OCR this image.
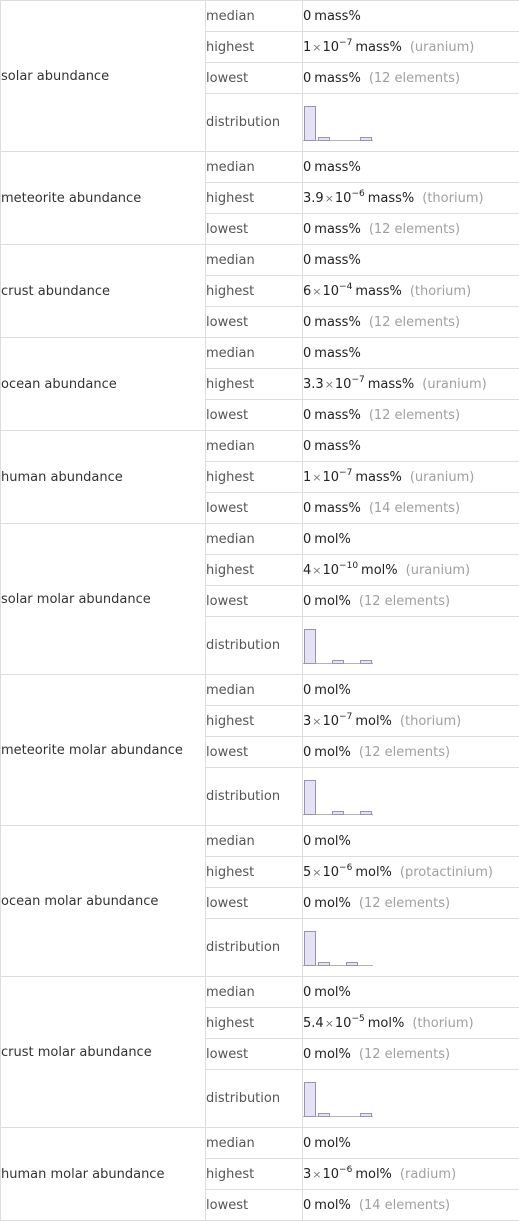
solar abundance	median	0 mass%
	highest	$1\times 10^{-7}$ mass% (uranium)
	lowest	0 mass% (12 elements)
	distribution	

meteorite abundance	median	0 mass%
	highest	$3.9\times 10^{-6}$ mass% (thorium)
	lowest	0 mass% (12 elements)
crust abundance	median	0 mass%
	highest	$6\times 10^{-4}$ mass% (thorium)
	lowest	0 mass% (12 elements)
ocean abundance	median	0 mass%
	highest	$3.3\times 10^{-7}$ mass% (uranium)
	lowest	0 mass% (12 elements)
human abundance	median	0 mass%
	highest	$1\times 10^{-7}$ mass% (uranium)
	lowest	0 mass% (14 elements)
solar molar abundance	median	0 mol%
	highest	$4\times 10^{-10}$ mol% (uranium)
	lowest	0 mol% (12 elements)
	distribution	

meteorite molar abundance	median	0 mol%
	highest	$3\times 10^{-7}$ mol% (thorium)
	lowest	0 mol% (12 elements)
	distribution	

ocean molar abundance	median	0 mol%
	highest	$5\times 10^{-6}$ mol% (protactinium)
	lowest	0 mol% (12 elements)
	distribution	

crust molar abundance	median	0 mol%
	highest	$5.4\times 10^{-5}$ mol% (thorium)
	lowest	0 mol% (12 elements)
	distribution	

human molar abundance	median	0 mol%
	highest	$3\times 10^{-6}$ mol% (radium)
	lowest	0 mol% (14 elements)
